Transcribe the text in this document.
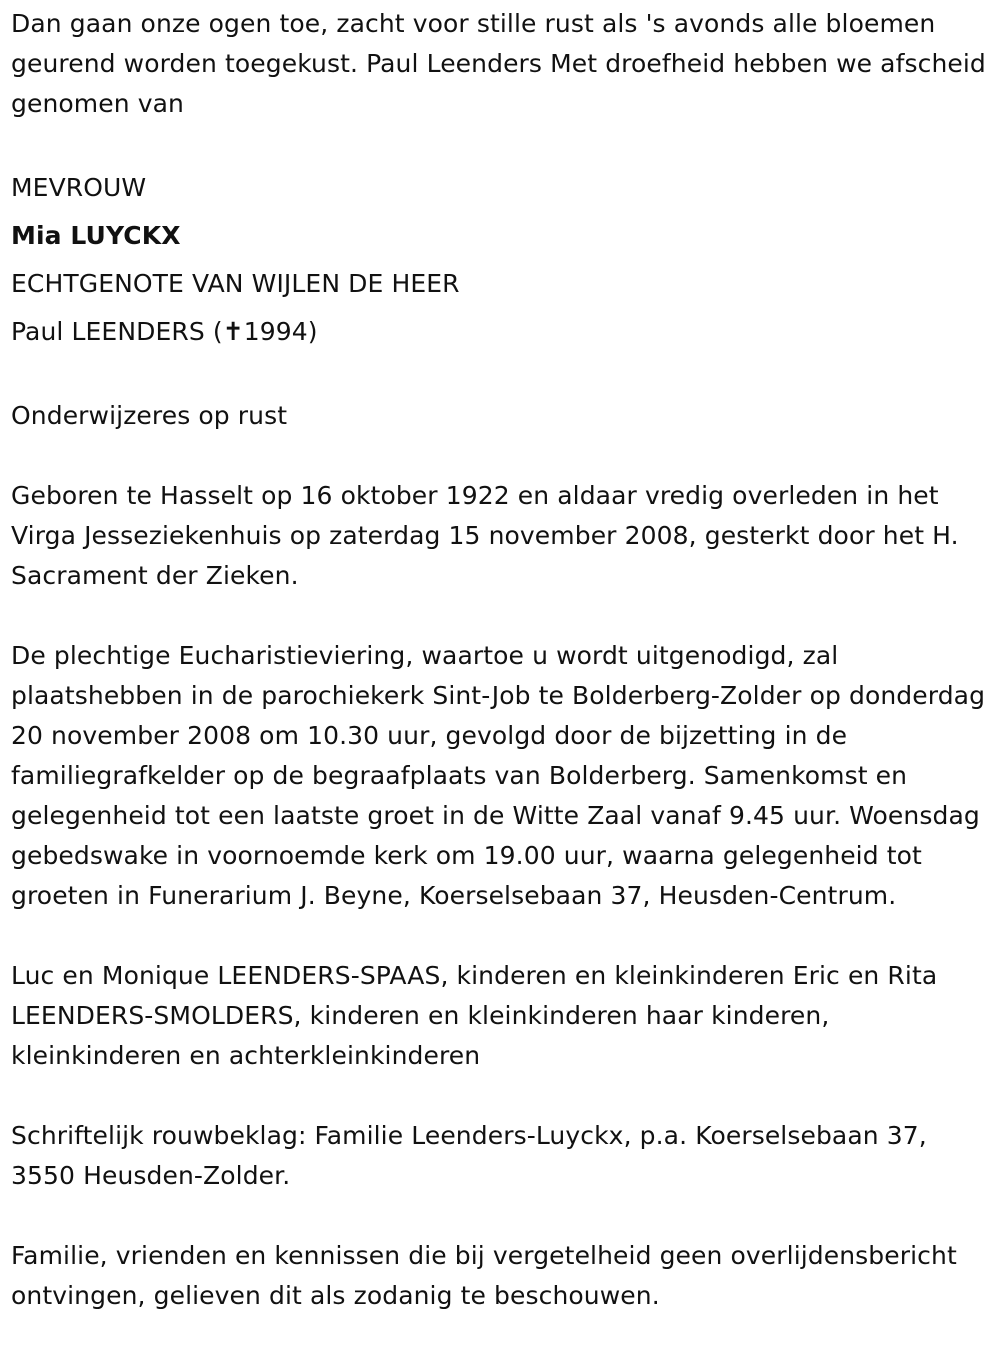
Dan gaan onze ogen toe, zacht voor stille rust als 's avonds alle bloemen geurend worden toegekust. Paul Leenders Met droefheid hebben we afscheid genomen van

MEVROUW

Mia LUYCKX

ECHTGENOTE VAN WIJLEN DE HEER

Paul LEENDERS (✝1994)

Onderwijzeres op rust

Geboren te Hasselt op 16 oktober 1922 en aldaar vredig overleden in het Virga Jesseziekenhuis op zaterdag 15 november 2008, gesterkt door het H. Sacrament der Zieken.

De plechtige Eucharistieviering, waartoe u wordt uitgenodigd, zal plaatshebben in de parochiekerk Sint-Job te Bolderberg-Zolder op donderdag 20 november 2008 om 10.30 uur, gevolgd door de bijzetting in de familiegrafkelder op de begraafplaats van Bolderberg. Samenkomst en gelegenheid tot een laatste groet in de Witte Zaal vanaf 9.45 uur. Woensdag gebedswake in voornoemde kerk om 19.00 uur, waarna gelegenheid tot groeten in Funerarium J. Beyne, Koerselsebaan 37, Heusden-Centrum.

Luc en Monique LEENDERS-SPAAS, kinderen en kleinkinderen Eric en Rita LEENDERS-SMOLDERS, kinderen en kleinkinderen haar kinderen, kleinkinderen en achterkleinkinderen

Schriftelijk rouwbeklag: Familie Leenders-Luyckx, p.a. Koerselsebaan 37, 3550 Heusden-Zolder.

Familie, vrienden en kennissen die bij vergetelheid geen overlijdensbericht ontvingen, gelieven dit als zodanig te beschouwen.
